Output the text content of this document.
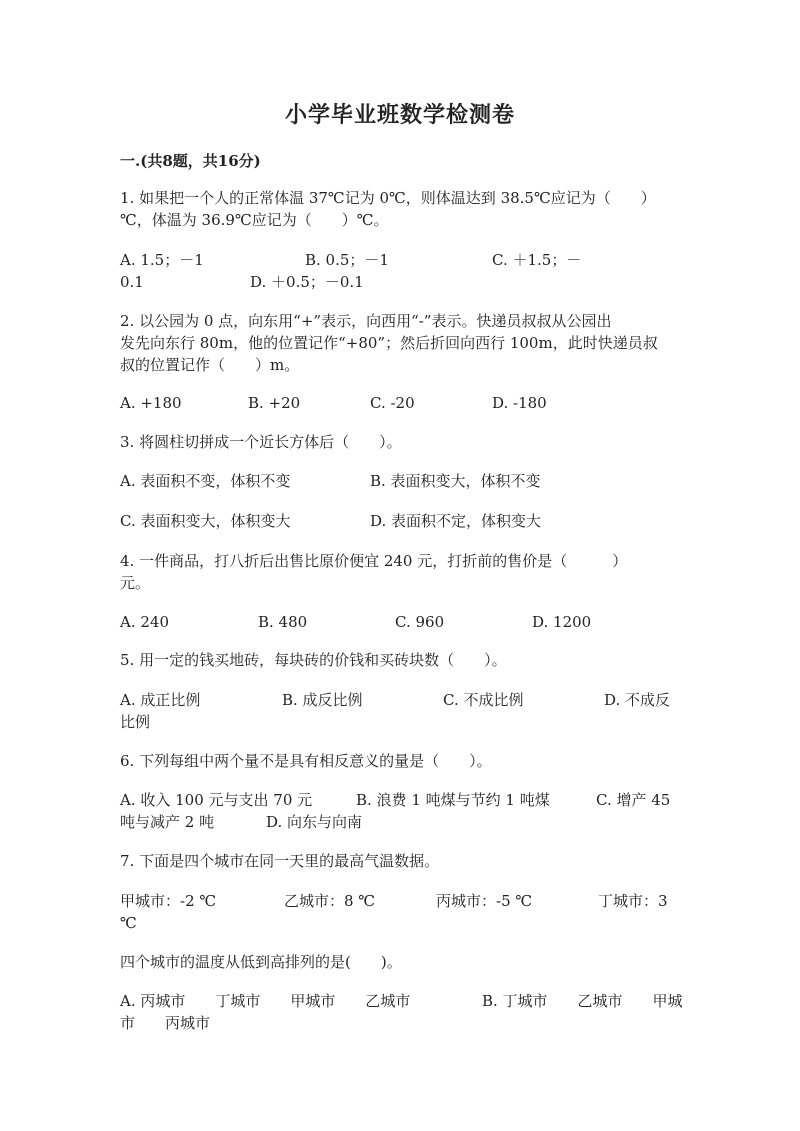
小学毕业班数学检测卷
一.(共8题，共16分)
1. 如果把一个人的正常体温 37℃记为 0℃，则体温达到 38.5℃应记为（　　）
℃，体温为 36.9℃应记为（　　）℃。
A. 1.5；－1	B. 0.5；－1	C. ＋1.5；－
0.1	D. ＋0.5；－0.1
2. 以公园为 0 点，向东用“+”表示，向西用“-”表示。快递员叔叔从公园出
发先向东行 80m，他的位置记作“+80”；然后折回向西行 100m，此时快递员叔
叔的位置记作（　　）m。
A. +180	B. +20	C. -20	D. -180
3. 将圆柱切拼成一个近长方体后（　　）。
A. 表面积不变，体积不变	B. 表面积变大，体积不变
C. 表面积变大，体积变大	D. 表面积不定，体积变大
4. 一件商品，打八折后出售比原价便宜 240 元，打折前的售价是（　　　）
元。
A. 240	B. 480	C. 960	D. 1200
5. 用一定的钱买地砖，每块砖的价钱和买砖块数（　　）。
A. 成正比例	B. 成反比例	C. 不成比例	D. 不成反
比例
6. 下列每组中两个量不是具有相反意义的量是（　　）。
A. 收入 100 元与支出 70 元	B. 浪费 1 吨煤与节约 1 吨煤	C. 增产 45
吨与减产 2 吨	D. 向东与向南
7. 下面是四个城市在同一天里的最高气温数据。
甲城市：-2 ℃	乙城市：8 ℃	丙城市：-5 ℃	丁城市：3
℃
四个城市的温度从低到高排列的是(　　)。
A. 丙城市　　丁城市　　甲城市　　乙城市	B. 丁城市　　乙城市　　甲城
市　　丙城市
